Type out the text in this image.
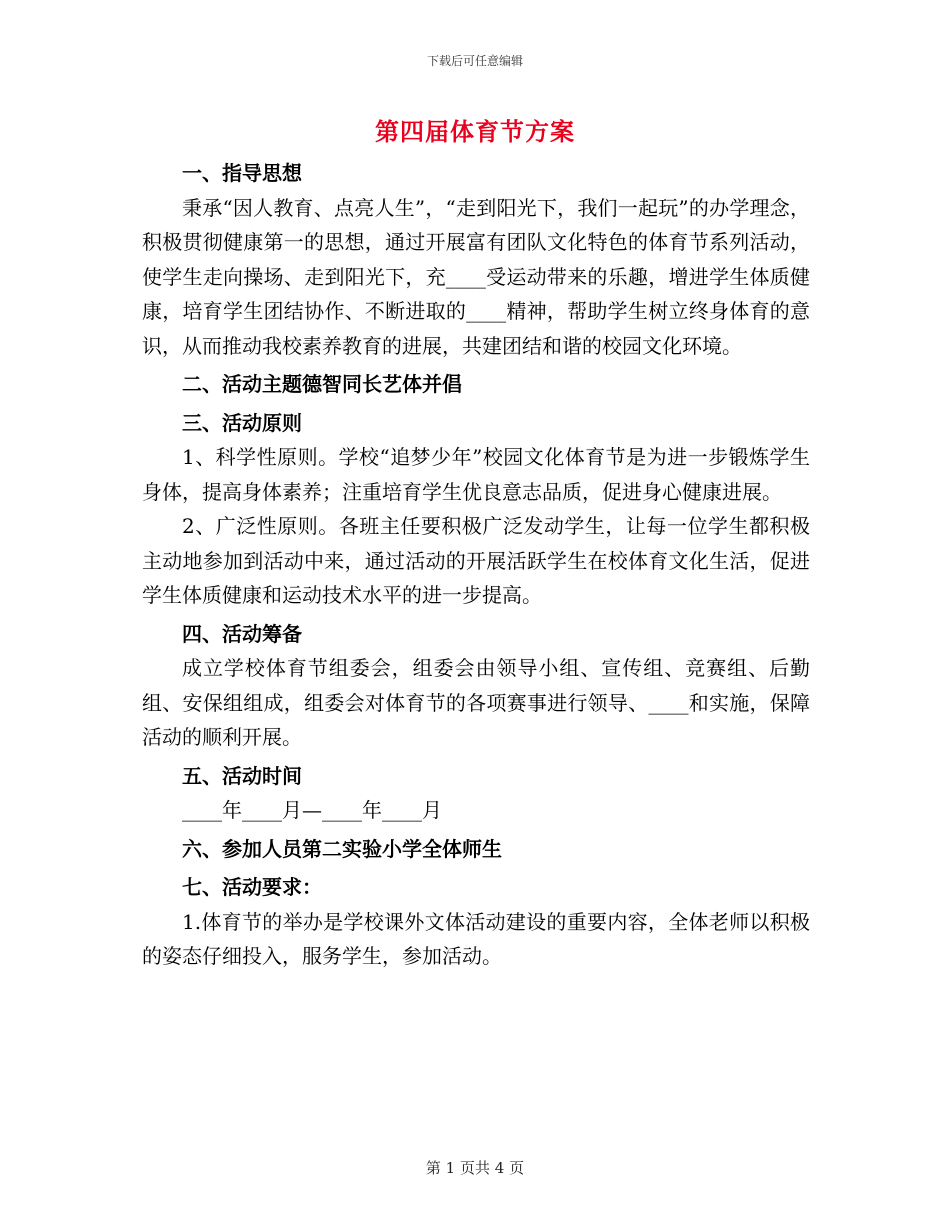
下载后可任意编辑
第四届体育节方案

一、指导思想

秉承“因人教育、点亮人生”，“走到阳光下，我们一起玩”的办学理念，积极贯彻健康第一的思想，通过开展富有团队文化特色的体育节系列活动，使学生走向操场、走到阳光下，充____受运动带来的乐趣，增进学生体质健康，培育学生团结协作、不断进取的____精神，帮助学生树立终身体育的意识，从而推动我校素养教育的进展，共建团结和谐的校园文化环境。

二、活动主题德智同长艺体并倡

三、活动原则

1、科学性原则。学校“追梦少年”校园文化体育节是为进一步锻炼学生身体，提高身体素养；注重培育学生优良意志品质，促进身心健康进展。

2、广泛性原则。各班主任要积极广泛发动学生，让每一位学生都积极主动地参加到活动中来，通过活动的开展活跃学生在校体育文化生活，促进学生体质健康和运动技术水平的进一步提高。

四、活动筹备

成立学校体育节组委会，组委会由领导小组、宣传组、竞赛组、后勤组、安保组组成，组委会对体育节的各项赛事进行领导、____和实施，保障活动的顺利开展。

五、活动时间

____年____月—____年____月

六、参加人员第二实验小学全体师生

七、活动要求：

1.体育节的举办是学校课外文体活动建设的重要内容，全体老师以积极的姿态仔细投入，服务学生，参加活动。

第 1 页共 4 页
